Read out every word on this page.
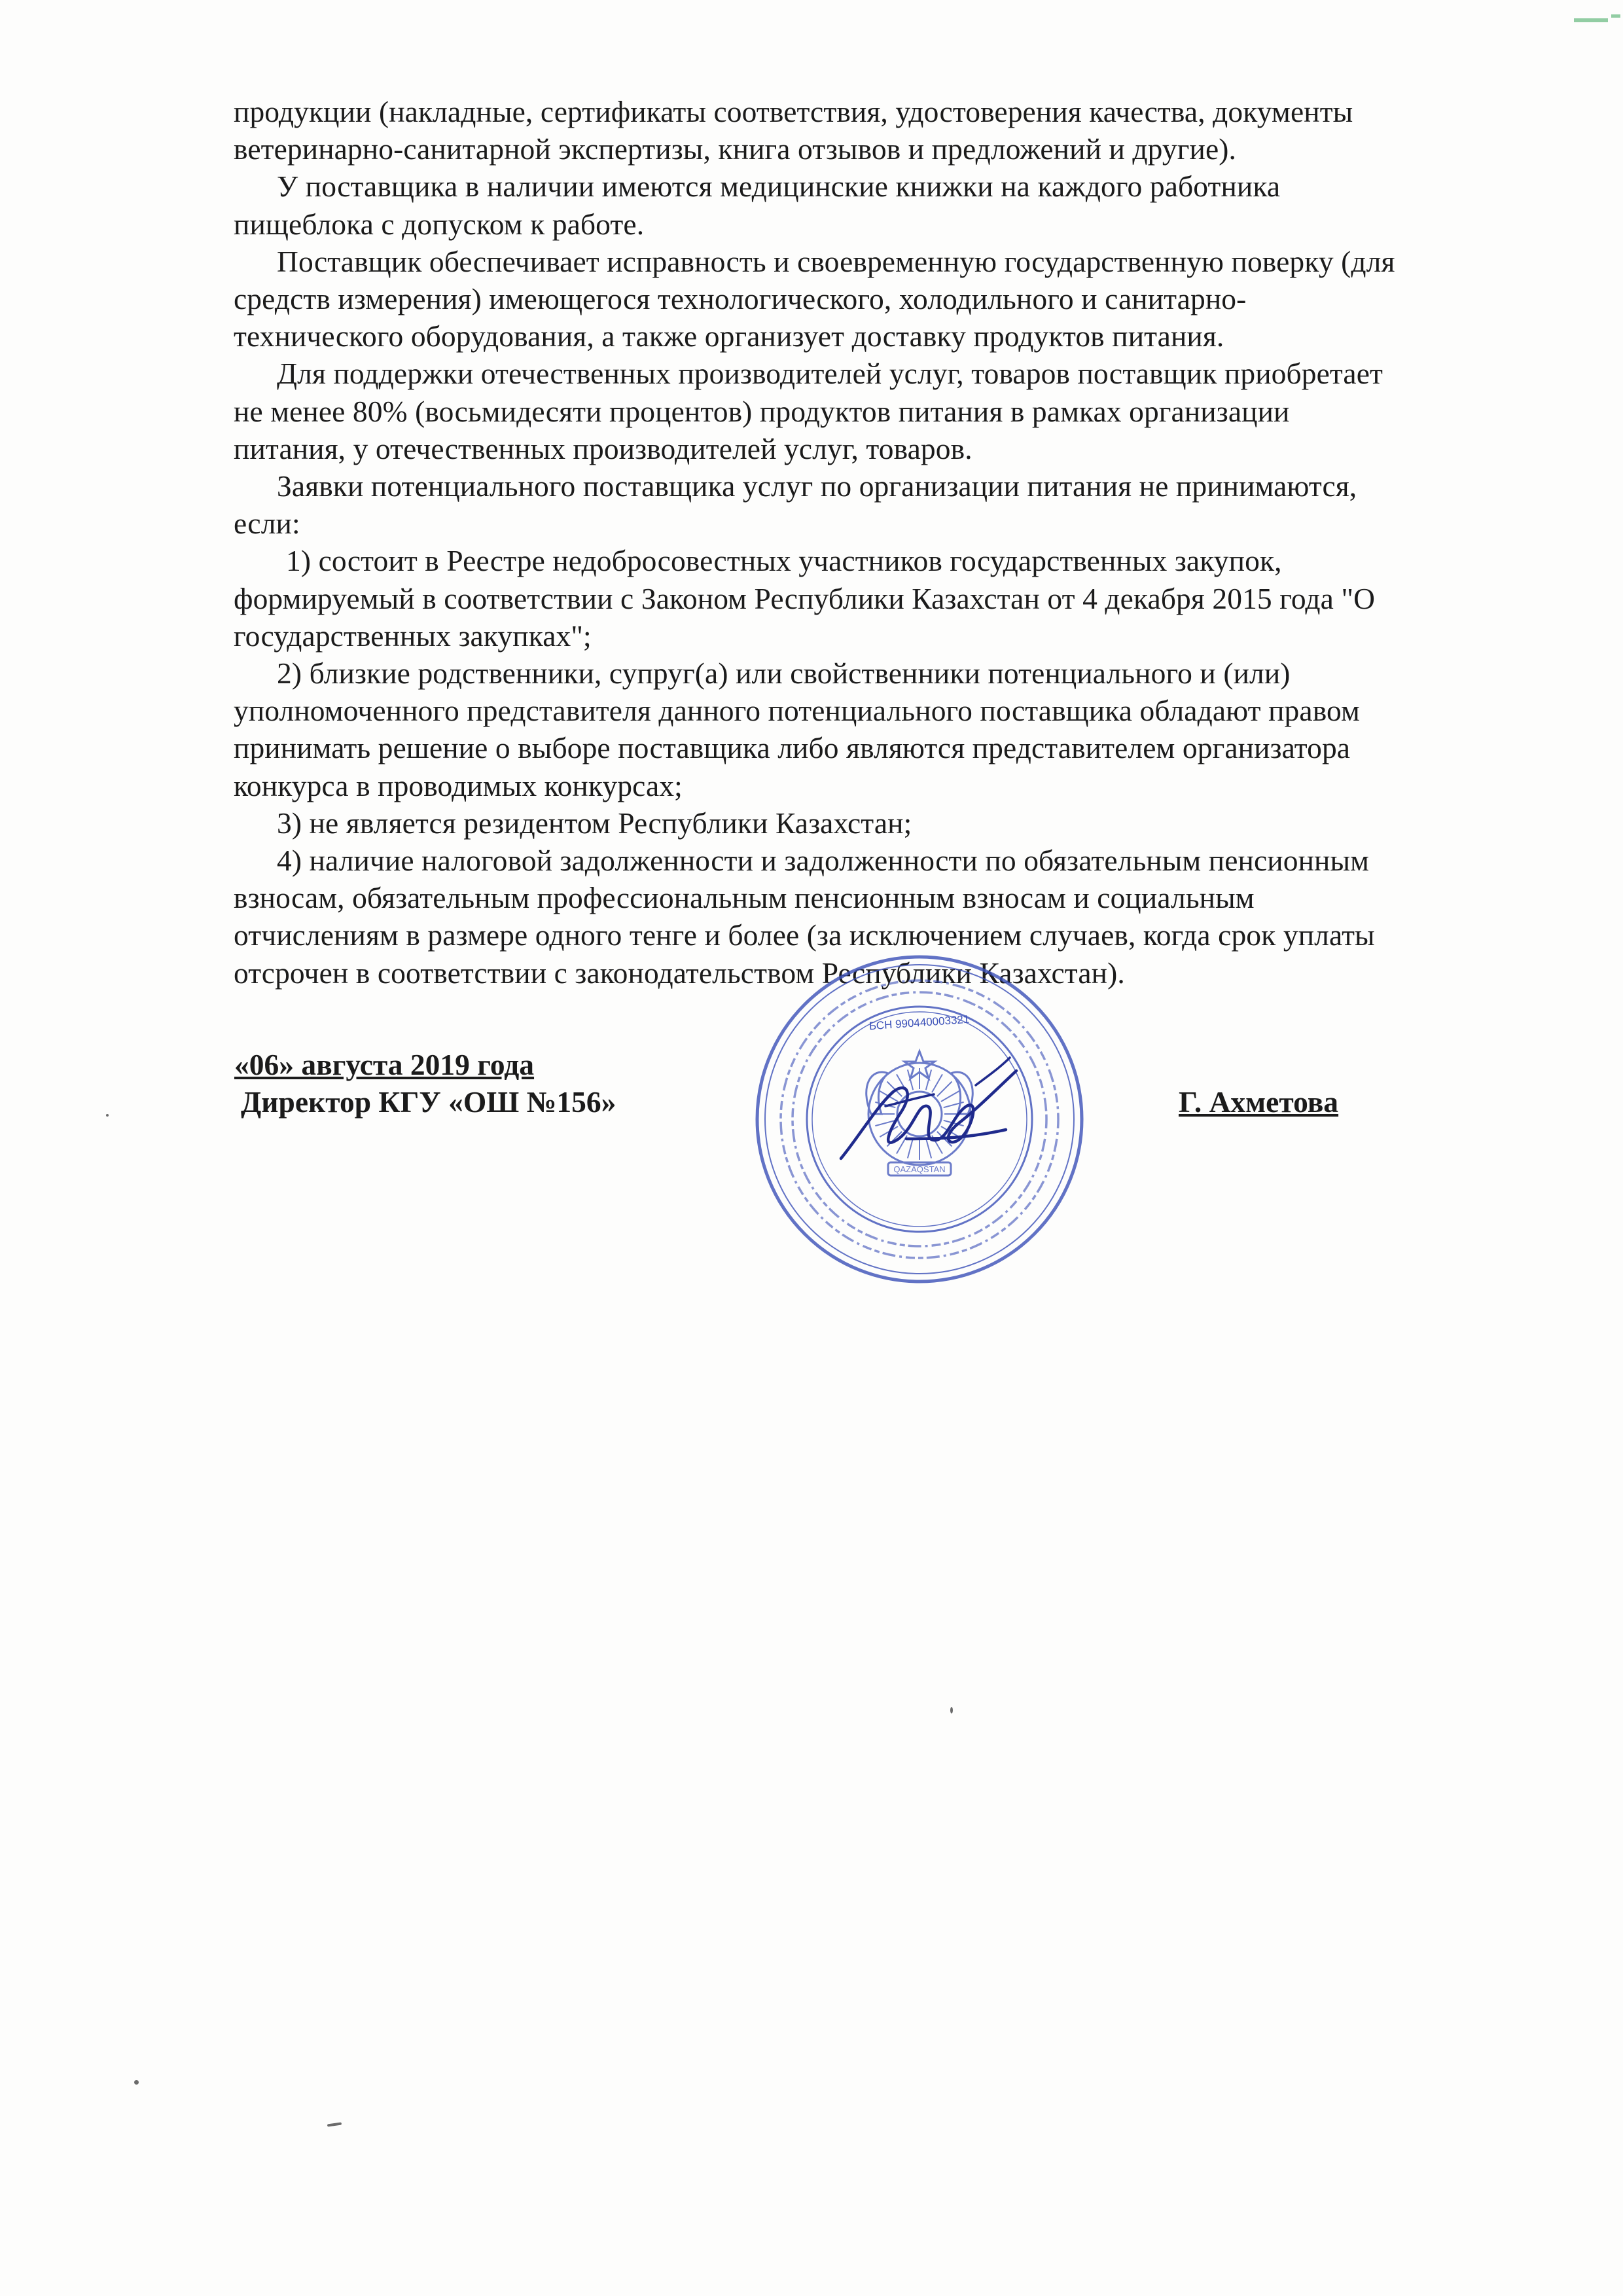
продукции (накладные, сертификаты соответствия, удостоверения качества, документы
ветеринарно-санитарной экспертизы, книга отзывов и предложений и другие).
У поставщика в наличии имеются медицинские книжки на каждого работника
пищеблока с допуском к работе.
Поставщик обеспечивает исправность и своевременную государственную поверку (для
средств измерения) имеющегося технологического, холодильного и санитарно-
технического оборудования, а также организует доставку продуктов питания.
Для поддержки отечественных производителей услуг, товаров поставщик приобретает
не менее 80% (восьмидесяти процентов) продуктов питания в рамках организации
питания, у отечественных производителей услуг, товаров.
Заявки потенциального поставщика услуг по организации питания не принимаются,
если:
1) состоит в Реестре недобросовестных участников государственных закупок,
формируемый в соответствии с Законом Республики Казахстан от 4 декабря 2015 года "О
государственных закупках";
2) близкие родственники, супруг(а) или свойственники потенциального и (или)
уполномоченного представителя данного потенциального поставщика обладают правом
принимать решение о выборе поставщика либо являются представителем организатора
конкурса в проводимых конкурсах;
3) не является резидентом Республики Казахстан;
4) наличие налоговой задолженности и задолженности по обязательным пенсионным
взносам, обязательным профессиональным пенсионным взносам и социальным
отчислениям в размере одного тенге и более (за исключением случаев, когда срок уплаты
отсрочен в соответствии с законодательством Республики Казахстан).
«06» августа 2019 года
Директор КГУ «ОШ №156»	Г. Ахметова
QAZAQSTAN
БСН 990440003321
